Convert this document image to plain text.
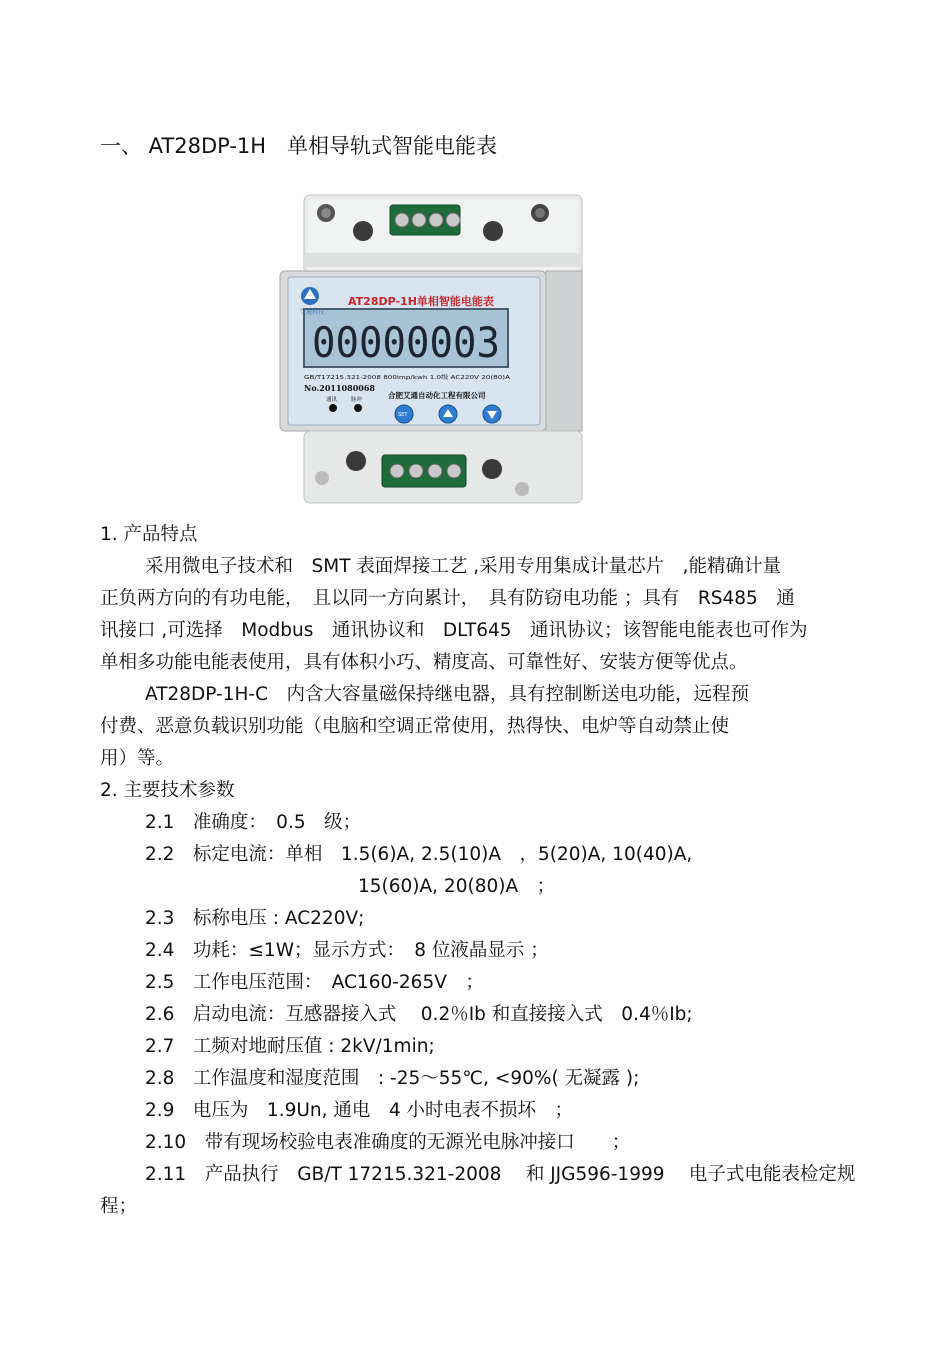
一、 AT28DP-1H　单相导轨式智能电能表
艾通科技
AT28DP-1H单相智能电能表
00000003
GB/T17215.321-2008 800imp/kwh 1.0级 AC220V 20(80)A
No.2011080068
通讯	脉冲	合肥艾通自动化工程有限公司
SET
1. 产品特点
采用微电子技术和　SMT 表面焊接工艺 ,采用专用集成计量芯片　,能精确计量
正负两方向的有功电能，　且以同一方向累计，　具有防窃电功能 ；具有　RS485　通
讯接口 ,可选择　Modbus　通讯协议和　DLT645　通讯协议；该智能电能表也可作为
单相多功能电能表使用，具有体积小巧、精度高、可靠性好、安装方便等优点。
AT28DP-1H-C　内含大容量磁保持继电器，具有控制断送电功能，远程预
付费、恶意负载识别功能（电脑和空调正常使用，热得快、电炉等自动禁止使
用）等。
2. 主要技术参数
2.1　准确度：　0.5　级；
2.2　标定电流：单相　1.5(6)A, 2.5(10)A　，5(20)A, 10(40)A,
15(60)A, 20(80)A　；
2.3　标称电压 : AC220V;
2.4　功耗：≤1W；显示方式：　8 位液晶显示 ；
2.5　工作电压范围：　AC160-265V　；
2.6　启动电流：互感器接入式　 0.2％Ib 和直接接入式　0.4％Ib;
2.7　工频对地耐压值 : 2kV/1min;
2.8　工作温度和湿度范围　: -25～55℃, <90%( 无凝露 );
2.9　电压为　1.9Un, 通电　4 小时电表不损坏　；
2.10　带有现场校验电表准确度的无源光电脉冲接口　　；
2.11　产品执行　GB/T 17215.321-2008　 和 JJG596-1999　 电子式电能表检定规
程；
